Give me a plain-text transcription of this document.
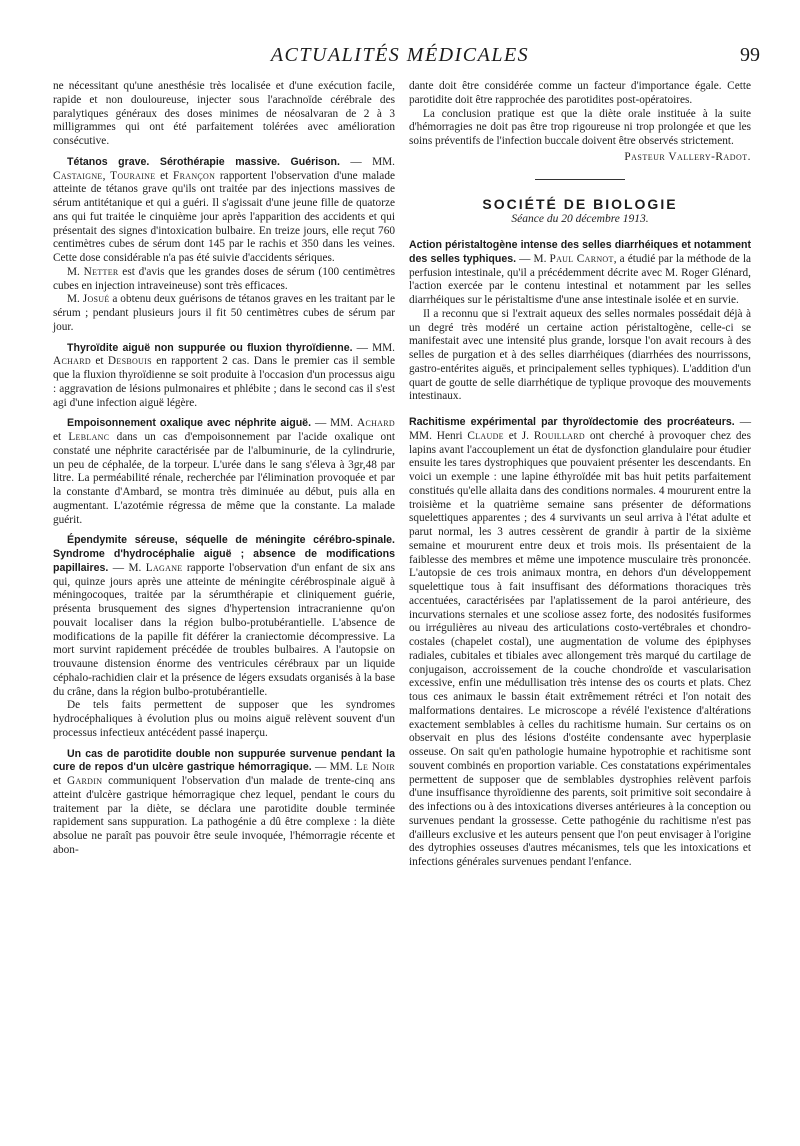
ACTUALITÉS MÉDICALES	99

ne nécessitant qu'une anesthésie très localisée et d'une exécution facile, rapide et non douloureuse, injecter sous l'arachnoïde cérébrale des paralytiques généraux des doses minimes de néosalvaran de 2 à 3 milligrammes qui ont été parfaitement tolérées avec amélioration consécutive.

Tétanos grave. Sérothérapie massive. Guérison. — MM. Castaigne, Touraine et Françon rapportent l'observation d'une malade atteinte de tétanos grave qu'ils ont traitée par des injections massives de sérum antitétanique et qui a guéri. Il s'agissait d'une jeune fille de quatorze ans qui fut traitée le cinquième jour après l'apparition des accidents et qui présentait des signes d'intoxication bulbaire. En treize jours, elle reçut 760 centimètres cubes de sérum dont 145 par le rachis et 350 dans les veines. Cette dose considérable n'a pas été suivie d'accidents sériques.

M. Netter est d'avis que les grandes doses de sérum (100 centimètres cubes en injection intraveineuse) sont très efficaces.

M. Josué a obtenu deux guérisons de tétanos graves en les traitant par le sérum ; pendant plusieurs jours il fit 50 centimètres cubes de sérum par jour.

Thyroïdite aiguë non suppurée ou fluxion thyroïdienne. — MM. Achard et Desbouis en rapportent 2 cas. Dans le premier cas il semble que la fluxion thyroïdienne se soit produite à l'occasion d'un processus aigu : aggravation de lésions pulmonaires et phlébite ; dans le second cas il s'est agi d'une infection aiguë légère.

Empoisonnement oxalique avec néphrite aiguë. — MM. Achard et Leblanc dans un cas d'empoisonnement par l'acide oxalique ont constaté une néphrite caractérisée par de l'albuminurie, de la cylindrurie, un peu de céphalée, de la torpeur. L'urée dans le sang s'éleva à 3gr,48 par litre. La perméabilité rénale, recherchée par l'élimination provoquée et par la constante d'Ambard, se montra très diminuée au début, puis alla en augmentant. L'azotémie régressa de même que la constante. La malade guérit.

Épendymite séreuse, séquelle de méningite cérébro-spinale. Syndrome d'hydrocéphalie aiguë ; absence de modifications papillaires. — M. Lagane rapporte l'observation d'un enfant de six ans qui, quinze jours après une atteinte de méningite cérébrospinale aiguë à méningocoques, traitée par la sérumthérapie et cliniquement guérie, présenta brusquement des signes d'hypertension intracranienne qu'on pouvait localiser dans la région bulbo-protubérantielle. L'absence de modifications de la papille fit déférer la craniectomie décompressive. La mort survint rapidement précédée de troubles bulbaires. A l'autopsie on trouvaune distension énorme des ventricules cérébraux par un liquide céphalo-rachidien clair et la présence de légers exsudats organisés à la base du crâne, dans la région bulbo-protubérantielle.

De tels faits permettent de supposer que les syndromes hydrocéphaliques à évolution plus ou moins aiguë relèvent souvent d'un processus infectieux antécédent passé inaperçu.

Un cas de parotidite double non suppurée survenue pendant la cure de repos d'un ulcère gastrique hémorragique. — MM. Le Noir et Gardin communiquent l'observation d'un malade de trente-cinq ans atteint d'ulcère gastrique hémorragique chez lequel, pendant le cours du traitement par la diète, se déclara une parotidite double terminée rapidement sans suppuration. La pathogénie a dû être complexe : la diète absolue ne paraît pas pouvoir être seule invoquée, l'hémorragie récente et abon-

dante doit être considérée comme un facteur d'importance égale. Cette parotidite doit être rapprochée des parotidites post-opératoires.

La conclusion pratique est que la diète orale instituée à la suite d'hémorragies ne doit pas être trop rigoureuse ni trop prolongée et que les soins préventifs de l'infection buccale doivent être observés strictement.

Pasteur Vallery-Radot.

SOCIÉTÉ DE BIOLOGIE
Séance du 20 décembre 1913.

Action péristaltogène intense des selles diarrhéiques et notamment des selles typhiques. — M. Paul Carnot, a étudié par la méthode de la perfusion intestinale, qu'il a précédemment décrite avec M. Roger Glénard, l'action exercée par le contenu intestinal et notamment par les selles diarrhéiques sur le péristaltisme d'une anse intestinale isolée et en survie.

Il a reconnu que si l'extrait aqueux des selles normales possédait déjà à un degré très modéré un certaine action péristaltogène, celle-ci se manifestait avec une intensité plus grande, lorsque l'on avait recours à des selles de purgation et à des selles diarrhéiques (diarrhées des nourrissons, gastro-entérites aiguës, et principalement selles typhiques). L'addition d'un quart de goutte de selle diarrhétique de typlique provoque des mouvements intestinaux.

Rachitisme expérimental par thyroïdectomie des procréateurs. — MM. Henri Claude et J. Rouillard ont cherché à provoquer chez des lapins avant l'accouplement un état de dysfonction glandulaire pour étudier ensuite les tares dystrophiques que pouvaient présenter les descendants. En voici un exemple : une lapine éthyroïdée mit bas huit petits parfaitement constitués qu'elle allaita dans des conditions normales. 4 moururent entre la troisième et la quatrième semaine sans présenter de déformations squelettiques apparentes ; des 4 survivants un seul arriva à l'état adulte et parut normal, les 3 autres cessèrent de grandir à partir de la sixième semaine et moururent entre deux et trois mois. Ils présentaient de la faiblesse des membres et même une impotence musculaire très prononcée. L'autopsie de ces trois animaux montra, en dehors d'un développement squelettique tous à fait insuffisant des déformations thoraciques très accentuées, caractérisées par l'aplatissement de la paroi antérieure, des incurvations sternales et une scoliose assez forte, des nodosités fusiformes ou irrégulières au niveau des articulations costo-vertébrales et chondro-costales (chapelet costal), une augmentation de volume des épiphyses radiales, cubitales et tibiales avec allongement très marqué du cartilage de conjugaison, accroissement de la couche chondroïde et vascularisation excessive, enfin une médullisation très intense des os courts et plats. Chez tous ces animaux le bassin était extrêmement rétréci et l'on notait des malformations dentaires. Le microscope a révélé l'existence d'altérations exactement semblables à celles du rachitisme humain. Sur certains os on observait en plus des lésions d'ostéite condensante avec hyperplasie osseuse. On sait qu'en pathologie humaine hypotrophie et rachitisme sont souvent combinés en proportion variable. Ces constatations expérimentales permettent de supposer que de semblables dystrophies relèvent parfois d'une insuffisance thyroïdienne des parents, soit primitive soit secondaire à des infections ou à des intoxications diverses antérieures à la conception ou survenues pendant la grossesse. Cette pathogénie du rachitisme n'est pas d'ailleurs exclusive et les auteurs pensent que l'on peut envisager à l'origine des dytrophies osseuses d'autres mécanismes, tels que les intoxications et infections générales survenues pendant l'enfance.
